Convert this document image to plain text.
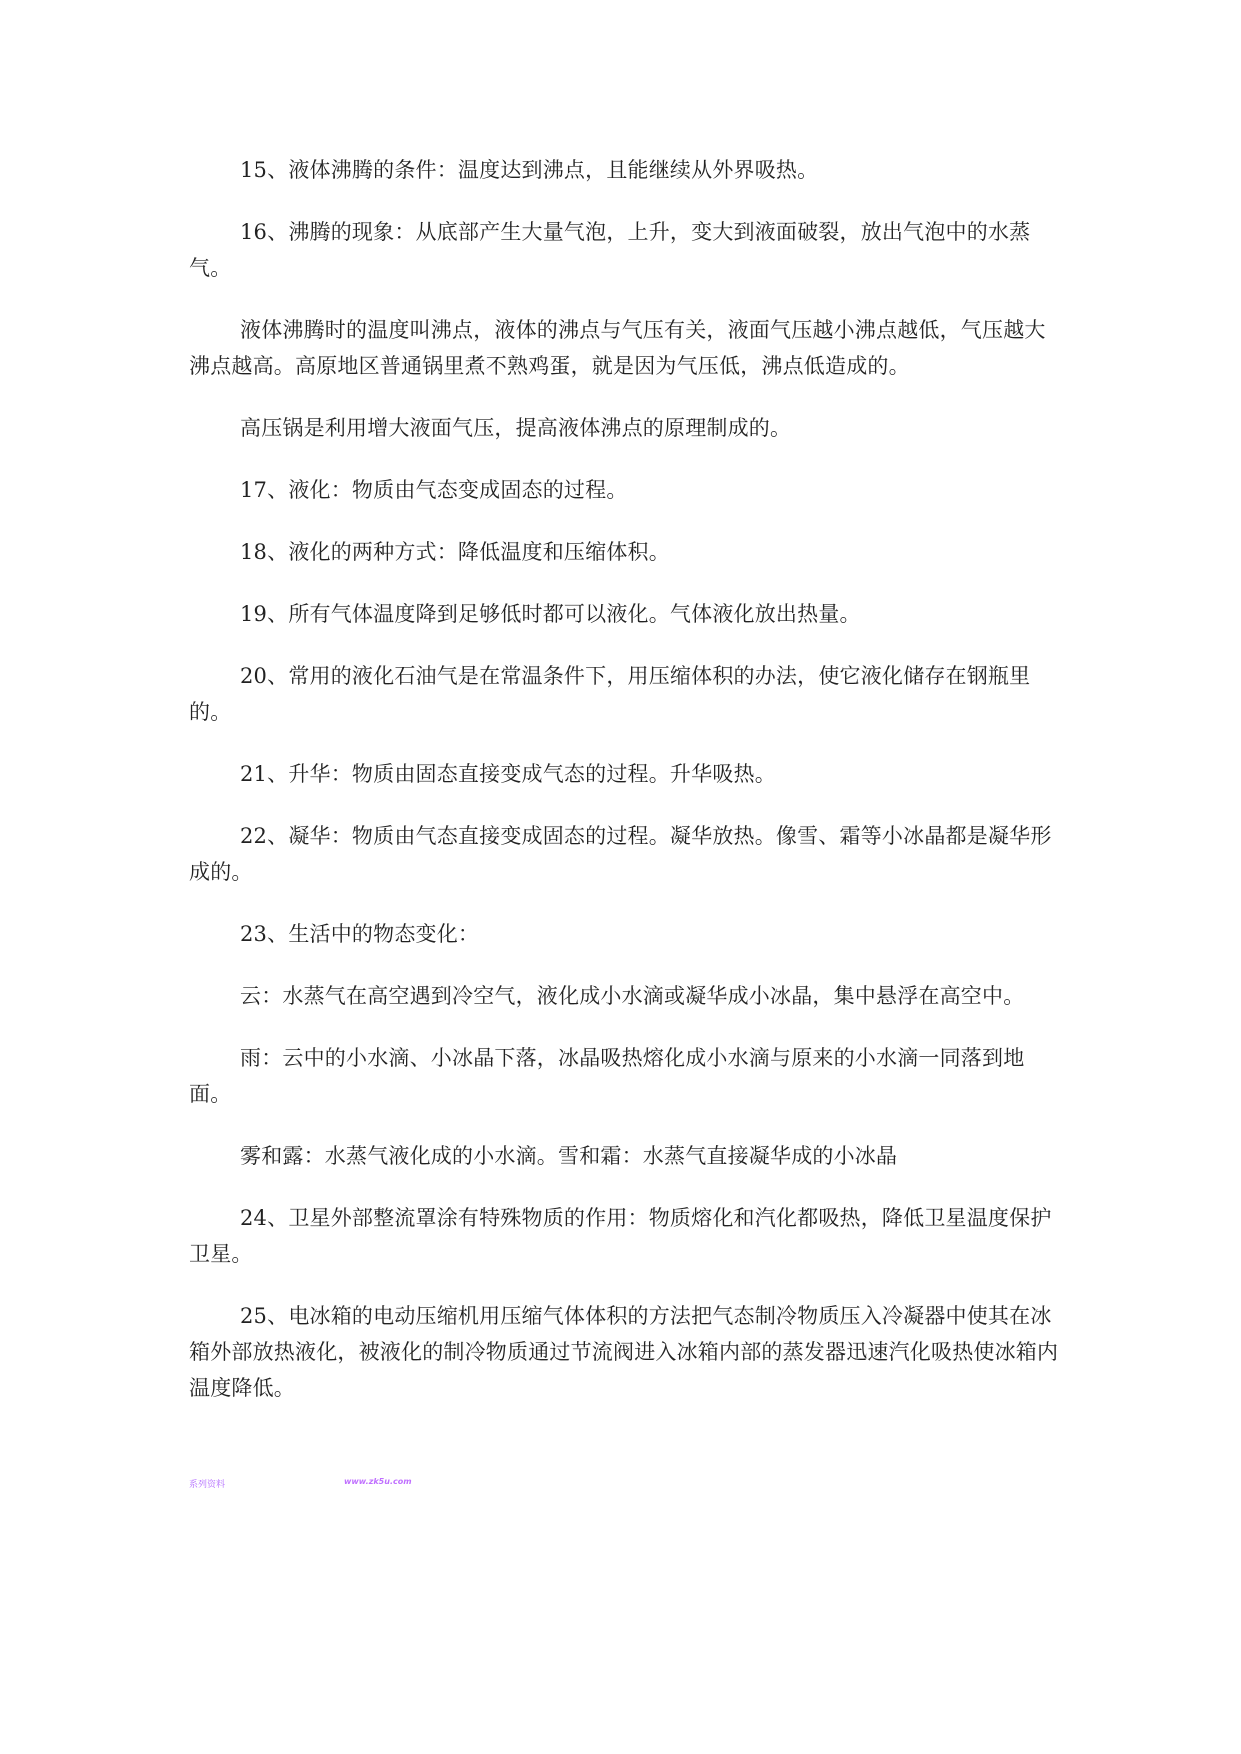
15、液体沸腾的条件：温度达到沸点，且能继续从外界吸热。

16、沸腾的现象：从底部产生大量气泡，上升，变大到液面破裂，放出气泡中的水蒸气。

液体沸腾时的温度叫沸点，液体的沸点与气压有关，液面气压越小沸点越低，气压越大沸点越高。高原地区普通锅里煮不熟鸡蛋，就是因为气压低，沸点低造成的。

高压锅是利用增大液面气压，提高液体沸点的原理制成的。

17、液化：物质由气态变成固态的过程。

18、液化的两种方式：降低温度和压缩体积。

19、所有气体温度降到足够低时都可以液化。气体液化放出热量。

20、常用的液化石油气是在常温条件下，用压缩体积的办法，使它液化储存在钢瓶里的。

21、升华：物质由固态直接变成气态的过程。升华吸热。

22、凝华：物质由气态直接变成固态的过程。凝华放热。像雪、霜等小冰晶都是凝华形成的。

23、生活中的物态变化：

云：水蒸气在高空遇到冷空气，液化成小水滴或凝华成小冰晶，集中悬浮在高空中。

雨：云中的小水滴、小冰晶下落，冰晶吸热熔化成小水滴与原来的小水滴一同落到地面。

雾和露：水蒸气液化成的小水滴。雪和霜：水蒸气直接凝华成的小冰晶

24、卫星外部整流罩涂有特殊物质的作用：物质熔化和汽化都吸热，降低卫星温度保护卫星。

25、电冰箱的电动压缩机用压缩气体体积的方法把气态制冷物质压入冷凝器中使其在冰箱外部放热液化，被液化的制冷物质通过节流阀进入冰箱内部的蒸发器迅速汽化吸热使冰箱内温度降低。

系列资料	www.zk5u.com
